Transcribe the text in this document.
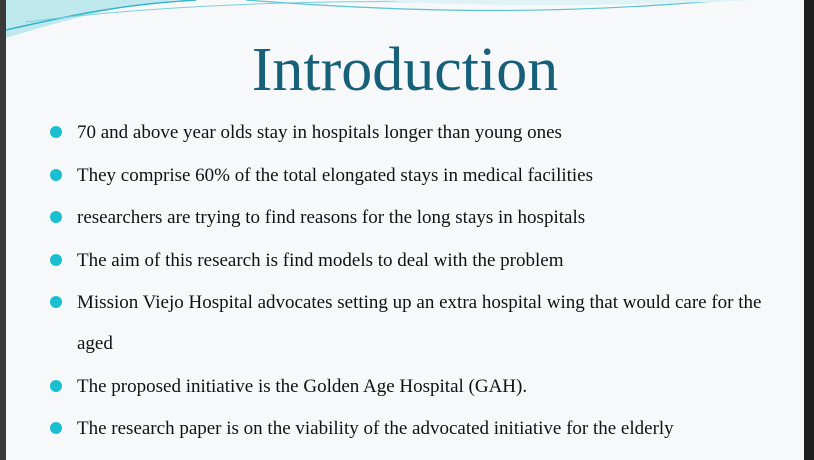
Introduction
70 and above year olds stay in hospitals longer than young ones
They comprise 60% of the total elongated stays in medical facilities
researchers are trying to find reasons for the long stays in hospitals
The aim of this research is find models to deal with the problem
Mission Viejo Hospital advocates setting up an extra hospital wing that would care for the aged
The proposed initiative is the Golden Age Hospital (GAH).
The research paper is on the viability of the advocated initiative for the elderly
